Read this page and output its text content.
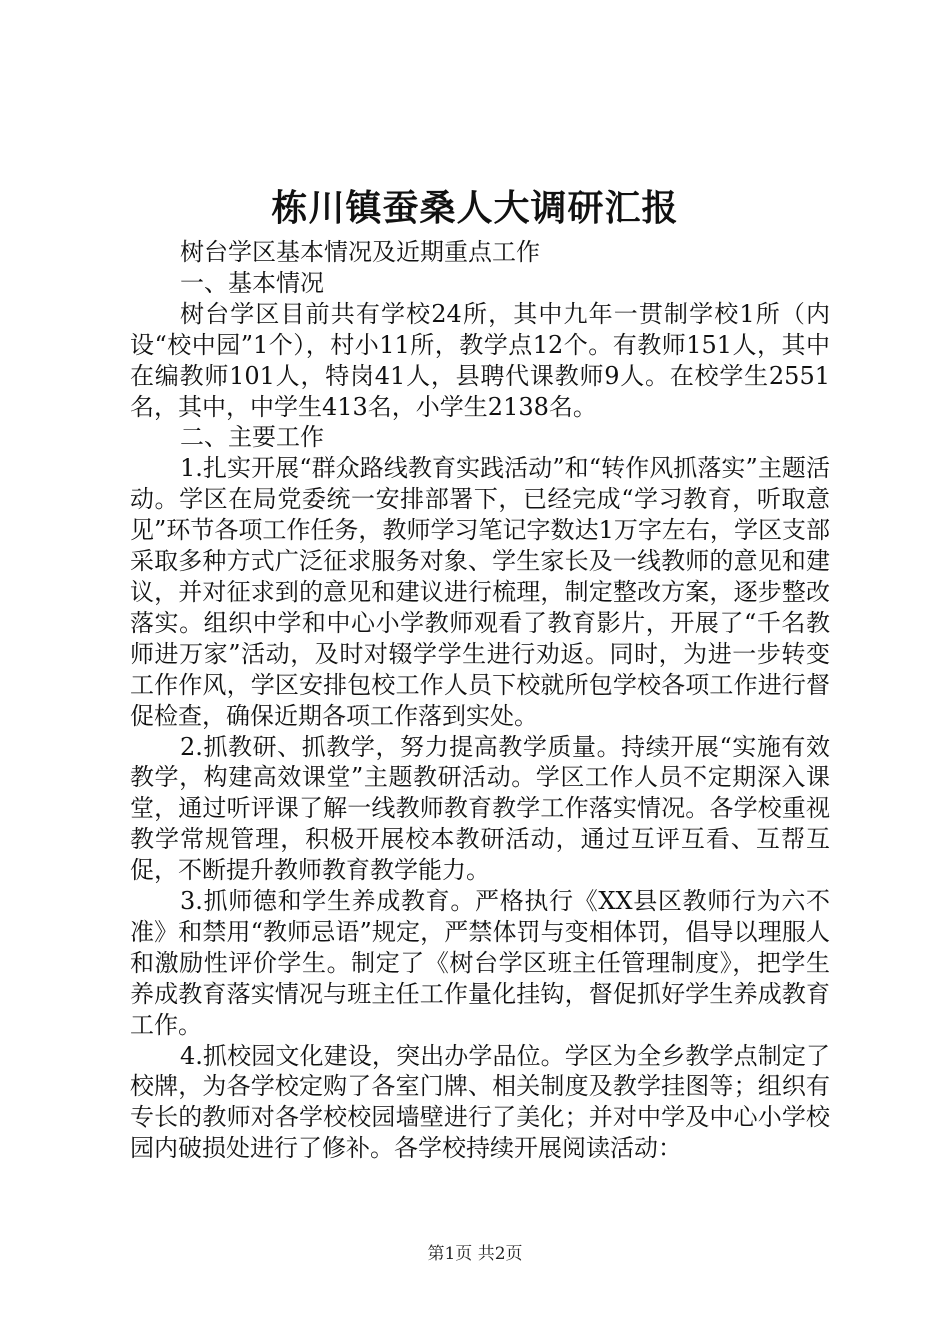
栋川镇蚕桑人大调研汇报

树台学区基本情况及近期重点工作

一、基本情况

树台学区目前共有学校24所，其中九年一贯制学校1所（内设“校中园”1个），村小11所，教学点12个。有教师151人，其中在编教师101人，特岗41人，县聘代课教师9人。在校学生2551名，其中，中学生413名，小学生2138名。

二、主要工作

1.扎实开展“群众路线教育实践活动”和“转作风抓落实”主题活动。学区在局党委统一安排部署下，已经完成“学习教育，听取意见”环节各项工作任务，教师学习笔记字数达1万字左右，学区支部采取多种方式广泛征求服务对象、学生家长及一线教师的意见和建议，并对征求到的意见和建议进行梳理，制定整改方案，逐步整改落实。组织中学和中心小学教师观看了教育影片，开展了“千名教师进万家”活动，及时对辍学学生进行劝返。同时，为进一步转变工作作风，学区安排包校工作人员下校就所包学校各项工作进行督促检查，确保近期各项工作落到实处。

2.抓教研、抓教学，努力提高教学质量。持续开展“实施有效教学，构建高效课堂”主题教研活动。学区工作人员不定期深入课堂，通过听评课了解一线教师教育教学工作落实情况。各学校重视教学常规管理，积极开展校本教研活动，通过互评互看、互帮互促，不断提升教师教育教学能力。

3.抓师德和学生养成教育。严格执行《XX县区教师行为六不准》和禁用“教师忌语”规定，严禁体罚与变相体罚，倡导以理服人和激励性评价学生。制定了《树台学区班主任管理制度》，把学生养成教育落实情况与班主任工作量化挂钩，督促抓好学生养成教育工作。

4.抓校园文化建设，突出办学品位。学区为全乡教学点制定了校牌，为各学校定购了各室门牌、相关制度及教学挂图等；组织有专长的教师对各学校校园墙壁进行了美化；并对中学及中心小学校园内破损处进行了修补。各学校持续开展阅读活动：

第1页 共2页
